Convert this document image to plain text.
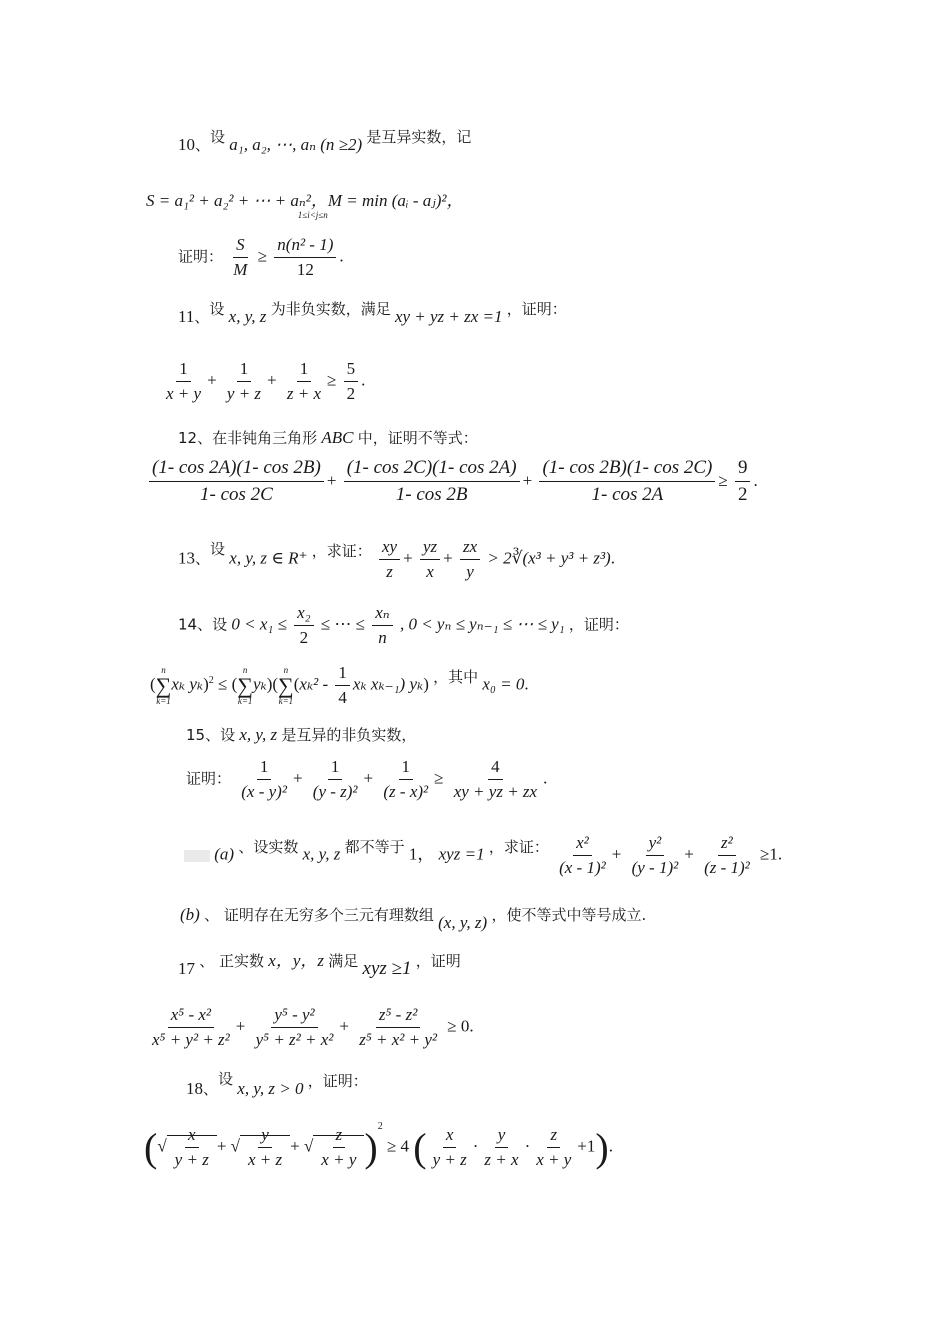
10、设 a₁, a₂, ⋯, aₙ (n ≥2) 是互异实数，记
S = a₁² + a₂² + ⋯ + aₙ²，M = min (aᵢ - aⱼ)²， $_{1\le i<j\le n}$
证明： $\frac{S}{M} \ge \frac{\text{n(n² - 1)}}{12}$ .
11、设 x, y, z 为非负实数，满足 xy + yz + zx =1 ，证明：
$\frac{1}{x + y} + \frac{1}{y + z} + \frac{1}{z + x} \ge \frac{5}{2}$ .
12、在非钝角三角形 ABC 中，证明不等式：
$\frac{(1- \cos 2A)(1- \cos 2B)}{1- \cos 2C} + \frac{(1- \cos 2C)(1- \cos 2A)}{1- \cos 2B} + \frac{(1- \cos 2B)(1- \cos 2C)}{1- \cos 2A} \ge \frac{9}{2}$ .
13、设 x, y, z ∈ R⁺ ，求证： $\frac{xy}{z} + \frac{yz}{x} + \frac{zx}{y}$ > 2∛(x³ + y³ + z³).
14、设 $0 < x_1 \le \frac{\text{x₂}}{2}$ ≤ ⋯ ≤ $\frac{\text{xₙ}}{n}$ , 0 < yₙ ≤ yₙ₋₁ ≤ ⋯ ≤ y₁ ，证明：
(
n
∑
k=1
xₖ yₖ)$^2$ ≤ (
n
∑
k=1
yₖ)(
n
∑
k=1
($x_k^2 - \frac{1}{4}$ xₖ xₖ₋₁) yₖ) ，其中 x₀ = 0.
15、设 x, y, z 是互异的非负实数，
证明： $\frac{1}{\text{(x - y)²}} + \frac{1}{\text{(y - z)²}} + \frac{1}{\text{(z - x)²}} \ge \frac{4}{xy + yz + zx}$ .
(a) 、设实数 x, y, z 都不等于 1， xyz =1 ，求证： $\frac{\text{x²}}{\text{(x - 1)²}} + \frac{\text{y²}}{\text{(y - 1)²}} + \frac{\text{z²}}{\text{(z - 1)²}} \ge 1$.
(b) 、 证明存在无穷多个三元有理数组 (x, y, z) ，使不等式中等号成立.
17 、 正实数 x，y，z 满足 xyz ≥1 ，证明
$\frac{\text{x⁵ - x²}}{\text{x⁵ + y² + z²}} + \frac{\text{y⁵ - y²}}{\text{y⁵ + z² + x²}} + \frac{\text{z⁵ - z²}}{\text{z⁵ + x² + y²}} \ge 0$.
18、设 x, y, z > 0 ，证明：
(√ $\frac{x}{y + z}$ + √ $\frac{y}{x + z}$ + √ $\frac{z}{x + y} )^2 \ge 4$ ( $\frac{x}{y + z} \cdot \frac{y}{z + x} \cdot \frac{z}{x + y} +1$).
